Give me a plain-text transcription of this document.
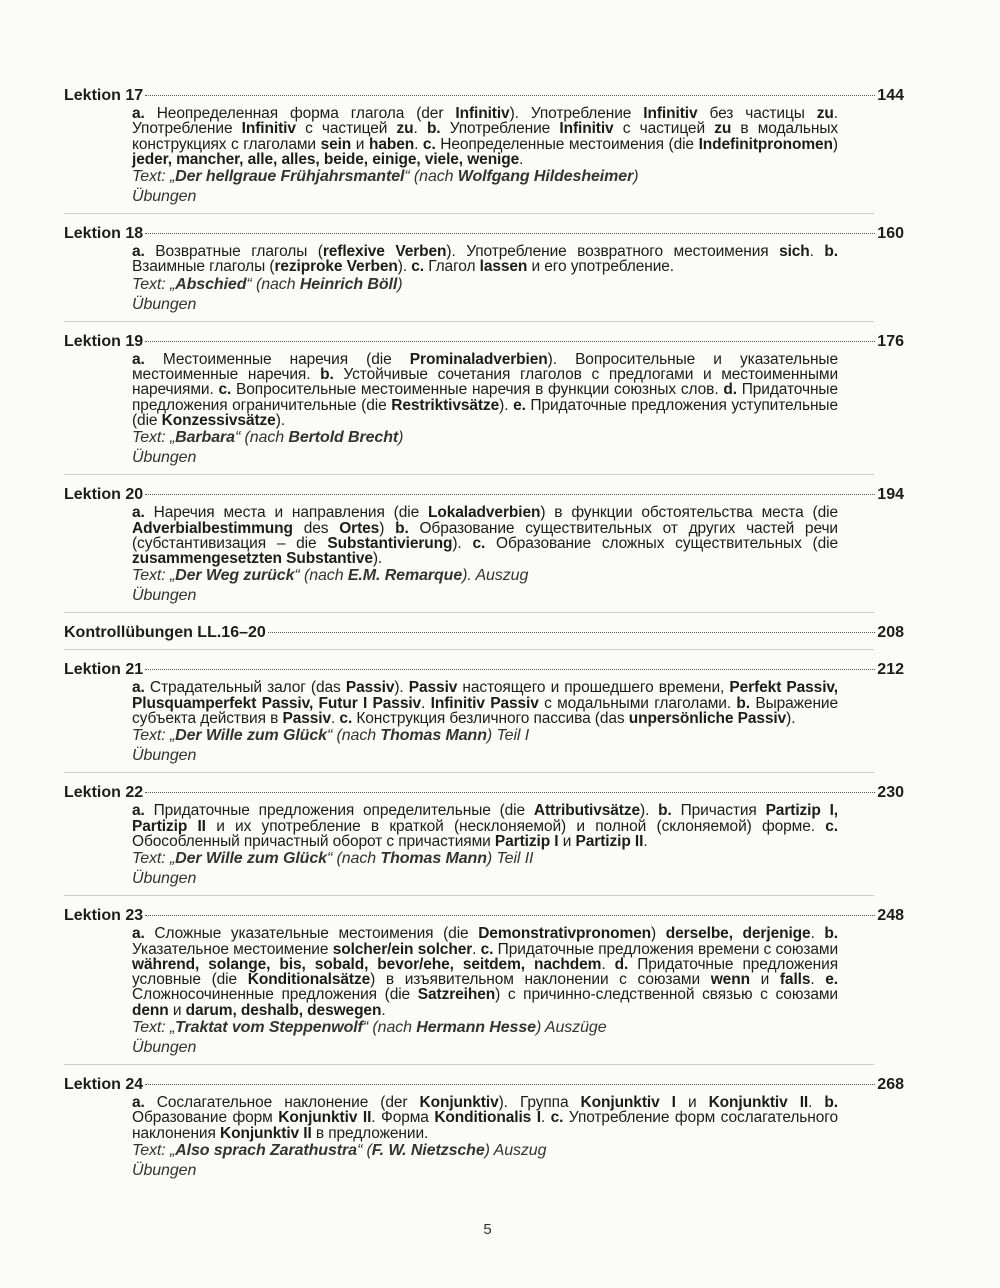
Lektion 17	144

a. Неопределенная форма глагола (der Infinitiv). Употребление Infinitiv без частицы zu. Употребление Infinitiv с частицей zu. b. Употребление Infinitiv с частицей zu в модальных конструкциях с глаголами sein и haben. c. Неопределенные местоимения (die Indefinitpronomen) jeder, mancher, alle, alles, beide, einige, viele, wenige.

Text: „Der hellgraue Frühjahrsmantel“ (nach Wolfgang Hildesheimer)

Übungen

Lektion 18	160

a. Возвратные глаголы (reflexive Verben). Употребление возвратного местоимения sich. b. Взаимные глаголы (reziproke Verben). c. Глагол lassen и его употребление.

Text: „Abschied“ (nach Heinrich Böll)

Übungen

Lektion 19	176

a. Местоименные наречия (die Prominaladverbien). Вопросительные и указательные местоименные наречия. b. Устойчивые сочетания глаголов с предлогами и местоименными наречиями. c. Вопросительные местоименные наречия в функции союзных слов. d. Придаточные предложения ограничительные (die Restriktivsätze). e. Придаточные предложения уступительные (die Konzessivsätze).

Text: „Barbara“ (nach Bertold Brecht)

Übungen

Lektion 20	194

a. Наречия места и направления (die Lokaladverbien) в функции обстоятельства места (die Adverbialbestimmung des Ortes) b. Образование существительных от других частей речи (субстантивизация – die Substantivierung). c. Образование сложных существительных (die zusammengesetzten Substantive).

Text: „Der Weg zurück“ (nach E.M. Remarque). Auszug

Übungen

Kontrollübungen LL.16–20	208
Lektion 21	212

a. Страдательный залог (das Passiv). Passiv настоящего и прошедшего времени, Perfekt Passiv, Plusquamperfekt Passiv, Futur I Passiv. Infinitiv Passiv с модальными глаголами. b. Выражение субъекта действия в Passiv. c. Конструкция безличного пассива (das unpersönliche Passiv).

Text: „Der Wille zum Glück“ (nach Thomas Mann) Teil I

Übungen

Lektion 22	230

a. Придаточные предложения определительные (die Attributivsätze). b. Причастия Partizip I, Partizip II и их употребление в краткой (несклоняемой) и полной (склоняемой) форме. c. Обособленный причастный оборот с причастиями Partizip I и Partizip II.

Text: „Der Wille zum Glück“ (nach Thomas Mann) Teil II

Übungen

Lektion 23	248

a. Сложные указательные местоимения (die Demonstrativpronomen) derselbe, derjenige. b. Указательное местоимение solcher/ein solcher. c. Придаточные предложения времени с союзами während, solange, bis, sobald, bevor/ehe, seitdem, nachdem. d. Придаточные предложения условные (die Konditionalsätze) в изъявительном наклонении с союзами wenn и falls. e. Сложносочиненные предложения (die Satzreihen) с причинно-следственной связью с союзами denn и darum, deshalb, deswegen.

Text: „Traktat vom Steppenwolf“ (nach Hermann Hesse) Auszüge

Übungen

Lektion 24	268

a. Сослагательное наклонение (der Konjunktiv). Группа Konjunktiv I и Konjunktiv II. b. Образование форм Konjunktiv II. Форма Konditionalis I. c. Употребление форм сослагательного наклонения Konjunktiv II в предложении.

Text: „Also sprach Zarathustra“ (F. W. Nietzsche) Auszug

Übungen

5
